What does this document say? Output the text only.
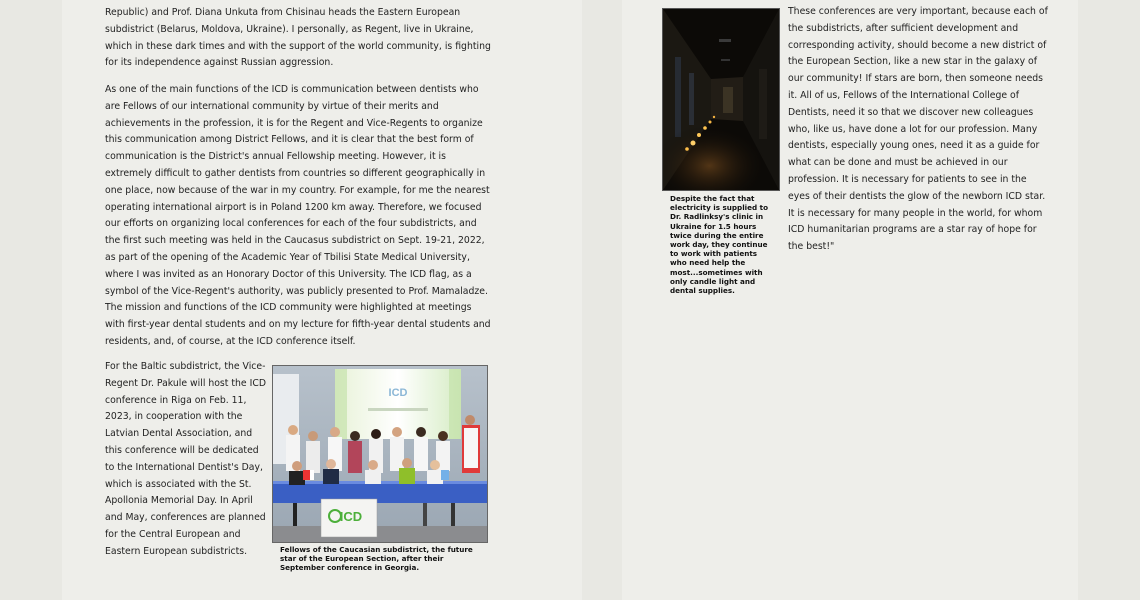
Republic) and Prof. Diana Unkuta from Chisinau heads the Eastern European subdistrict (Belarus, Moldova, Ukraine). I personally, as Regent, live in Ukraine, which in these dark times and with the support of the world community, is fighting for its independence against Russian aggression.

As one of the main functions of the ICD is communication between dentists who are Fellows of our international community by virtue of their merits and achievements in the profession, it is for the Regent and Vice-Regents to organize this communication among District Fellows, and it is clear that the best form of communication is the District's annual Fellowship meeting. However, it is extremely difficult to gather dentists from countries so different geographically in one place, now because of the war in my country. For example, for me the nearest operating international airport is in Poland 1200 km away. Therefore, we focused our efforts on organizing local conferences for each of the four subdistricts, and the first such meeting was held in the Caucasus subdistrict on Sept. 19-21, 2022, as part of the opening of the Academic Year of Tbilisi State Medical University, where I was invited as an Honorary Doctor of this University. The ICD flag, as a symbol of the Vice-Regent's authority, was publicly presented to Prof. Mamaladze. The mission and functions of the ICD community were highlighted at meetings with first-year dental students and on my lecture for fifth-year dental students and residents, and, of course, at the ICD conference itself.

For the Baltic subdistrict, the Vice-Regent Dr. Pakule will host the ICD conference in Riga on Feb. 11, 2023, in cooperation with the Latvian Dental Association, and this conference will be dedicated to the International Dentist's Day, which is associated with the St. Apollonia Memorial Day. In April and May, conferences are planned for the Central European and Eastern European subdistricts.

ICD
ICD

Fellows of the Caucasian subdistrict, the future star of the European Section, after their September conference in Georgia.

Despite the fact that electricity is supplied to Dr. Radlinksy's clinic in Ukraine for 1.5 hours twice during the entire work day, they continue to work with patients who need help the most...sometimes with only candle light and dental supplies.

These conferences are very important, because each of the subdistricts, after sufficient development and corresponding activity, should become a new district of the European Section, like a new star in the galaxy of our community! If stars are born, then someone needs it. All of us, Fellows of the International College of Dentists, need it so that we discover new colleagues who, like us, have done a lot for our profession. Many dentists, especially young ones, need it as a guide for what can be done and must be achieved in our profession. It is necessary for patients to see in the eyes of their dentists the glow of the newborn ICD star. It is necessary for many people in the world, for whom ICD humanitarian programs are a star ray of hope for the best!"
